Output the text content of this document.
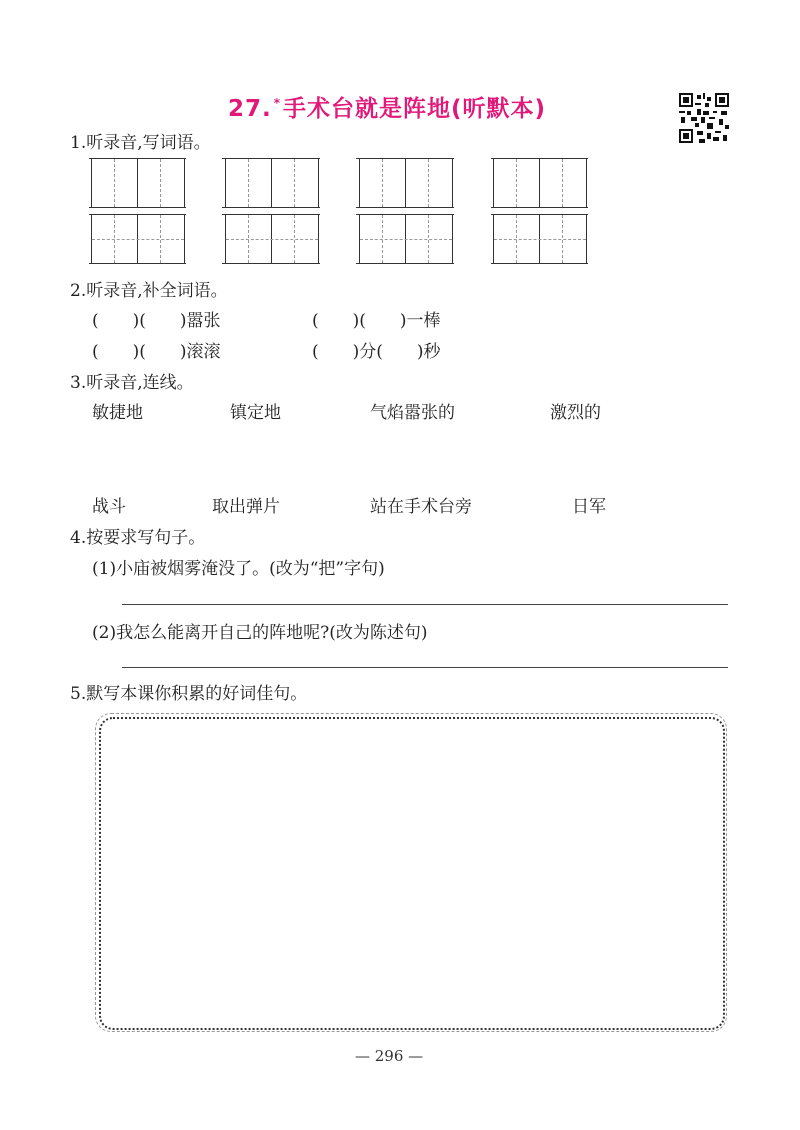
27. *手术台就是阵地(听默本)
1.听录音,写词语。
2.听录音,补全词语。
(　　)(　　)嚣张	(　　)(　　)一棒
(　　)(　　)滚滚	(　　)分(　　)秒
3.听录音,连线。
敏捷地	镇定地	气焰嚣张的	激烈的
战斗	取出弹片	站在手术台旁	日军
4.按要求写句子。
(1)小庙被烟雾淹没了。(改为“把”字句)
(2)我怎么能离开自己的阵地呢?(改为陈述句)
5.默写本课你积累的好词佳句。
— 296 —
